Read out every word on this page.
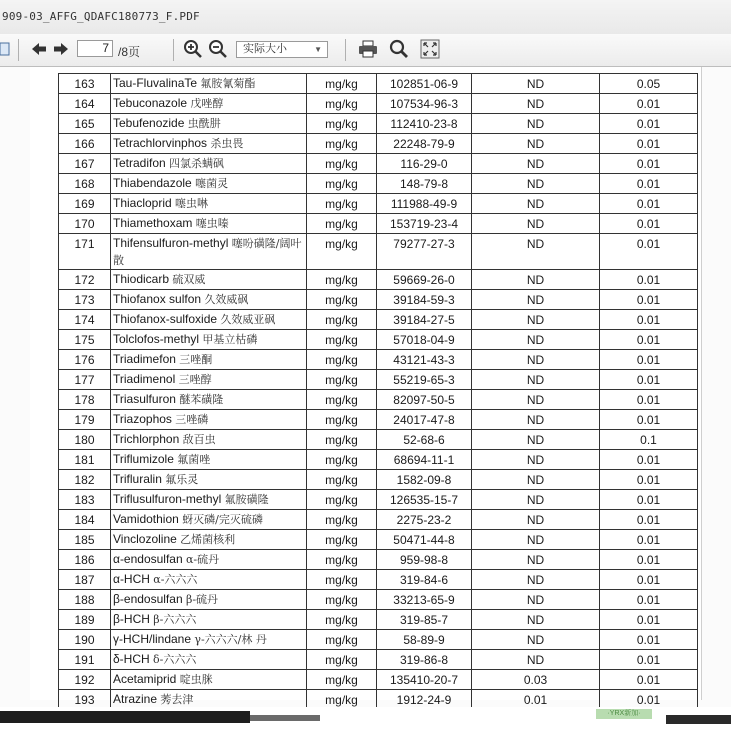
909-03_AFFG_QDAFC180773_F.PDF
7 /8页	实际大小	▼
163	Tau-FluvalinaTe 氟胺氰菊酯	mg/kg	102851-06-9	ND	0.05
164	Tebuconazole 戊唑醇	mg/kg	107534-96-3	ND	0.01
165	Tebufenozide 虫酰肼	mg/kg	112410-23-8	ND	0.01
166	Tetrachlorvinphos 杀虫畏	mg/kg	22248-79-9	ND	0.01
167	Tetradifon 四氯杀螨砜	mg/kg	116-29-0	ND	0.01
168	Thiabendazole 噻菌灵	mg/kg	148-79-8	ND	0.01
169	Thiacloprid 噻虫啉	mg/kg	111988-49-9	ND	0.01
170	Thiamethoxam 噻虫嗪	mg/kg	153719-23-4	ND	0.01
171	Thifensulfuron-methyl 噻吩磺隆/阔叶散	mg/kg	79277-27-3	ND	0.01
172	Thiodicarb 硫双威	mg/kg	59669-26-0	ND	0.01
173	Thiofanox sulfon 久效威砜	mg/kg	39184-59-3	ND	0.01
174	Thiofanox-sulfoxide 久效威亚砜	mg/kg	39184-27-5	ND	0.01
175	Tolclofos-methyl 甲基立枯磷	mg/kg	57018-04-9	ND	0.01
176	Triadimefon 三唑酮	mg/kg	43121-43-3	ND	0.01
177	Triadimenol 三唑醇	mg/kg	55219-65-3	ND	0.01
178	Triasulfuron 醚苯磺隆	mg/kg	82097-50-5	ND	0.01
179	Triazophos 三唑磷	mg/kg	24017-47-8	ND	0.01
180	Trichlorphon 敌百虫	mg/kg	52-68-6	ND	0.1
181	Triflumizole 氟菌唑	mg/kg	68694-11-1	ND	0.01
182	Trifluralin 氟乐灵	mg/kg	1582-09-8	ND	0.01
183	Triflusulfuron-methyl 氟胺磺隆	mg/kg	126535-15-7	ND	0.01
184	Vamidothion 蚜灭磷/完灭硫磷	mg/kg	2275-23-2	ND	0.01
185	Vinclozoline 乙烯菌核利	mg/kg	50471-44-8	ND	0.01
186	α-endosulfan α-硫丹	mg/kg	959-98-8	ND	0.01
187	α-HCH α-六六六	mg/kg	319-84-6	ND	0.01
188	β-endosulfan β-硫丹	mg/kg	33213-65-9	ND	0.01
189	β-HCH β-六六六	mg/kg	319-85-7	ND	0.01
190	γ-HCH/lindane γ-六六六/林 丹	mg/kg	58-89-9	ND	0.01
191	δ-HCH δ-六六六	mg/kg	319-86-8	ND	0.01
192	Acetamiprid 啶虫脒	mg/kg	135410-20-7	0.03	0.01
193	Atrazine 莠去津	mg/kg	1912-24-9	0.01	0.01

·YRX新加·
